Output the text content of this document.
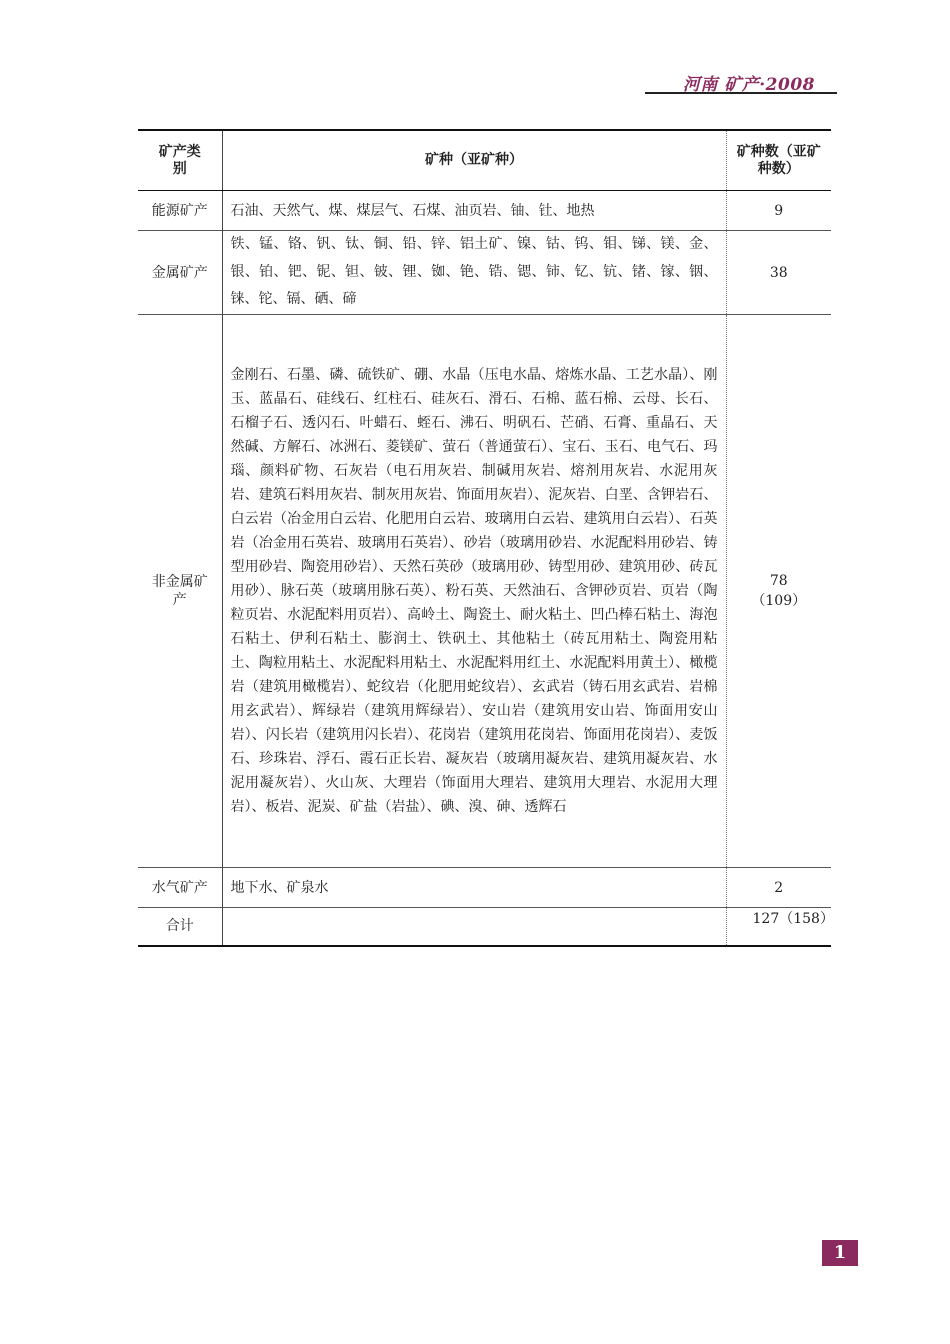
河南 矿产·2008
矿产类别	矿种（亚矿种）	矿种数（亚矿种数）
能源矿产	石油、天然气、煤、煤层气、石煤、油页岩、铀、钍、地热	9
金属矿产	铁、锰、铬、钒、钛、铜、铅、锌、铝土矿、镍、钴、钨、钼、锑、镁、金、银、铂、钯、铌、钽、铍、锂、铷、铯、锆、锶、铈、钇、钪、锗、镓、铟、铼、铊、镉、硒、碲	38
非金属矿产	金刚石、石墨、磷、硫铁矿、硼、水晶（压电水晶、熔炼水晶、工艺水晶）、刚玉、蓝晶石、硅线石、红柱石、硅灰石、滑石、石棉、蓝石棉、云母、长石、石榴子石、透闪石、叶蜡石、蛭石、沸石、明矾石、芒硝、石膏、重晶石、天然碱、方解石、冰洲石、菱镁矿、萤石（普通萤石）、宝石、玉石、电气石、玛瑙、颜料矿物、石灰岩（电石用灰岩、制碱用灰岩、熔剂用灰岩、水泥用灰岩、建筑石料用灰岩、制灰用灰岩、饰面用灰岩）、泥灰岩、白垩、含钾岩石、白云岩（冶金用白云岩、化肥用白云岩、玻璃用白云岩、建筑用白云岩）、石英岩（冶金用石英岩、玻璃用石英岩）、砂岩（玻璃用砂岩、水泥配料用砂岩、铸型用砂岩、陶瓷用砂岩）、天然石英砂（玻璃用砂、铸型用砂、建筑用砂、砖瓦用砂）、脉石英（玻璃用脉石英）、粉石英、天然油石、含钾砂页岩、页岩（陶粒页岩、水泥配料用页岩）、高岭土、陶瓷土、耐火粘土、凹凸棒石粘土、海泡石粘土、伊利石粘土、膨润土、铁矾土、其他粘土（砖瓦用粘土、陶瓷用粘土、陶粒用粘土、水泥配料用粘土、水泥配料用红土、水泥配料用黄土）、橄榄岩（建筑用橄榄岩）、蛇纹岩（化肥用蛇纹岩）、玄武岩（铸石用玄武岩、岩棉用玄武岩）、辉绿岩（建筑用辉绿岩）、安山岩（建筑用安山岩、饰面用安山岩）、闪长岩（建筑用闪长岩）、花岗岩（建筑用花岗岩、饰面用花岗岩）、麦饭石、珍珠岩、浮石、霞石正长岩、凝灰岩（玻璃用凝灰岩、建筑用凝灰岩、水泥用凝灰岩）、火山灰、大理岩（饰面用大理岩、建筑用大理岩、水泥用大理岩）、板岩、泥炭、矿盐（岩盐）、碘、溴、砷、透辉石	78
（109）

水气矿产	地下水、矿泉水	2
合计		127（158）
1
